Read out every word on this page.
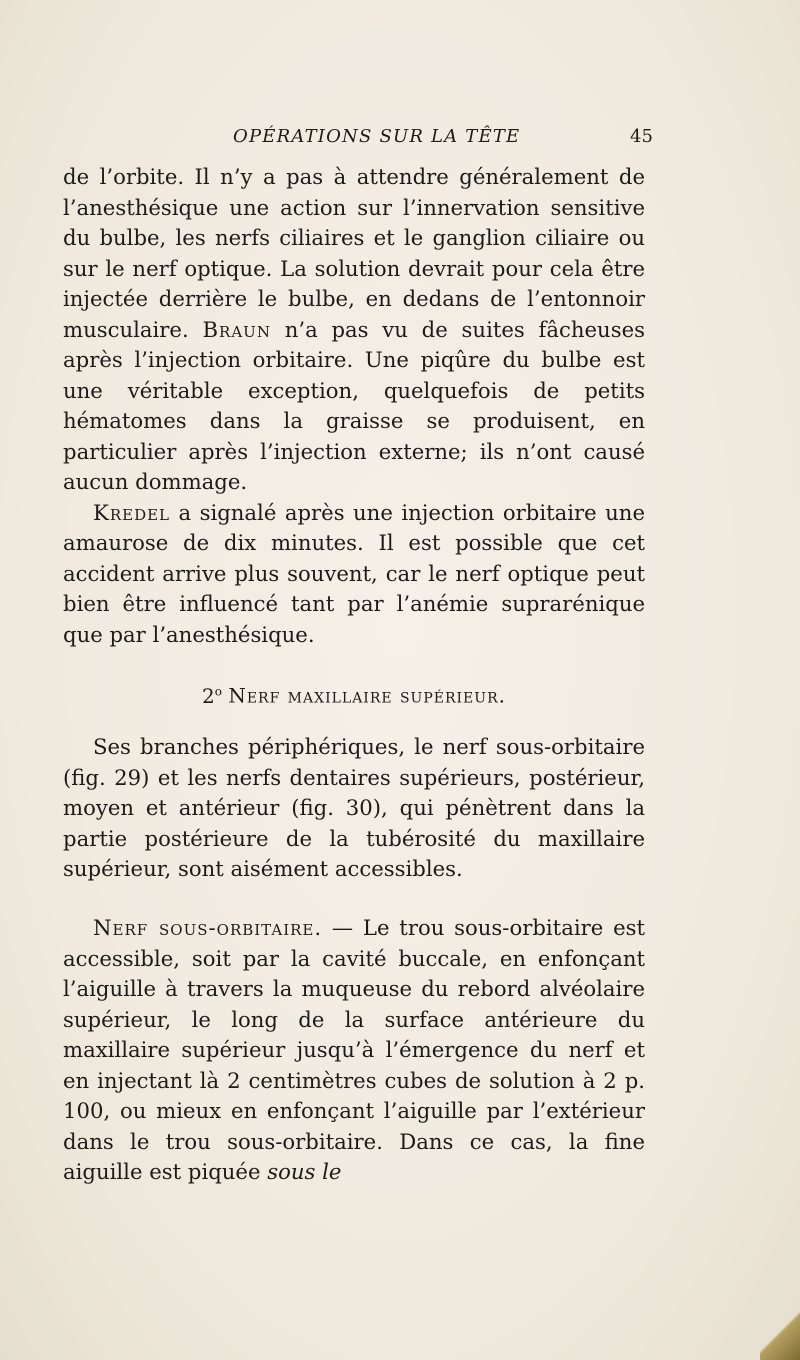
OPÉRATIONS SUR LA TÊTE	45

de l’orbite. Il n’y a pas à attendre généralement de l’anesthésique une action sur l’innervation sensitive du bulbe, les nerfs ciliaires et le ganglion ciliaire ou sur le nerf optique. La solution devrait pour cela être injectée derrière le bulbe, en dedans de l’entonnoir musculaire. Braun n’a pas vu de suites fâcheuses après l’injection orbitaire. Une piqûre du bulbe est une véritable exception, quelquefois de petits hématomes dans la graisse se produisent, en particulier après l’injection externe; ils n’ont causé aucun dommage.

Kredel a signalé après une injection orbitaire une amaurose de dix minutes. Il est possible que cet accident arrive plus souvent, car le nerf optique peut bien être influencé tant par l’anémie suprarénique que par l’anesthésique.

2$^o$ Nerf maxillaire supérieur.

Ses branches périphériques, le nerf sous-orbitaire (fig. 29) et les nerfs dentaires supérieurs, postérieur, moyen et antérieur (fig. 30), qui pénètrent dans la partie postérieure de la tubérosité du maxillaire supérieur, sont aisément accessibles.

Nerf sous-orbitaire. — Le trou sous-orbitaire est accessible, soit par la cavité buccale, en enfonçant l’aiguille à travers la muqueuse du rebord alvéolaire supérieur, le long de la surface antérieure du maxillaire supérieur jusqu’à l’émergence du nerf et en injectant là 2 centimètres cubes de solution à 2 p. 100, ou mieux en enfonçant l’aiguille par l’extérieur dans le trou sous-orbitaire. Dans ce cas, la fine aiguille est piquée sous le
